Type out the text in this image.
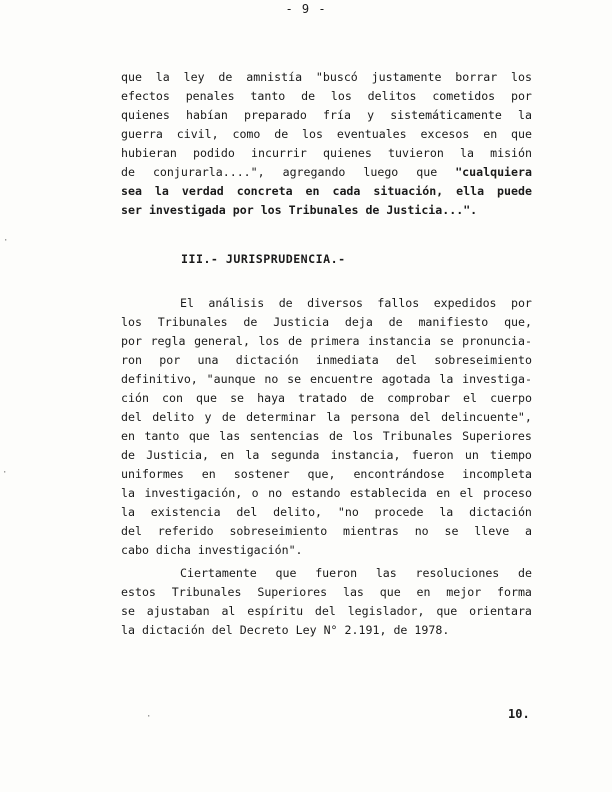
- 9 -
que la ley de amnistía "buscó justamente borrar los
efectos penales tanto de los delitos cometidos por
quienes habían preparado fría y sistemáticamente la
guerra civil, como de los eventuales excesos en que
hubieran podido incurrir quienes tuvieron la misión
de conjurarla....", agregando luego que "cualquiera
sea la verdad concreta en cada situación, ella puede
ser investigada por los Tribunales de Justicia...".
III.- JURISPRUDENCIA.-
El análisis de diversos fallos expedidos por
los Tribunales de Justicia deja de manifiesto que,
por regla general, los de primera instancia se pronuncia-
ron por una dictación inmediata del sobreseimiento
definitivo, "aunque no se encuentre agotada la investiga-
ción con que se haya tratado de comprobar el cuerpo
del delito y de determinar la persona del delincuente",
en tanto que las sentencias de los Tribunales Superiores
de Justicia, en la segunda instancia, fueron un tiempo
uniformes en sostener que, encontrándose incompleta
la investigación, o no estando establecida en el proceso
la existencia del delito, "no procede la dictación
del referido sobreseimiento mientras no se lleve a
cabo dicha investigación".
Ciertamente que fueron las resoluciones de
estos Tribunales Superiores las que en mejor forma
se ajustaban al espíritu del legislador, que orientara
la dictación del Decreto Ley N° 2.191, de 1978.
10.
·
·
·
